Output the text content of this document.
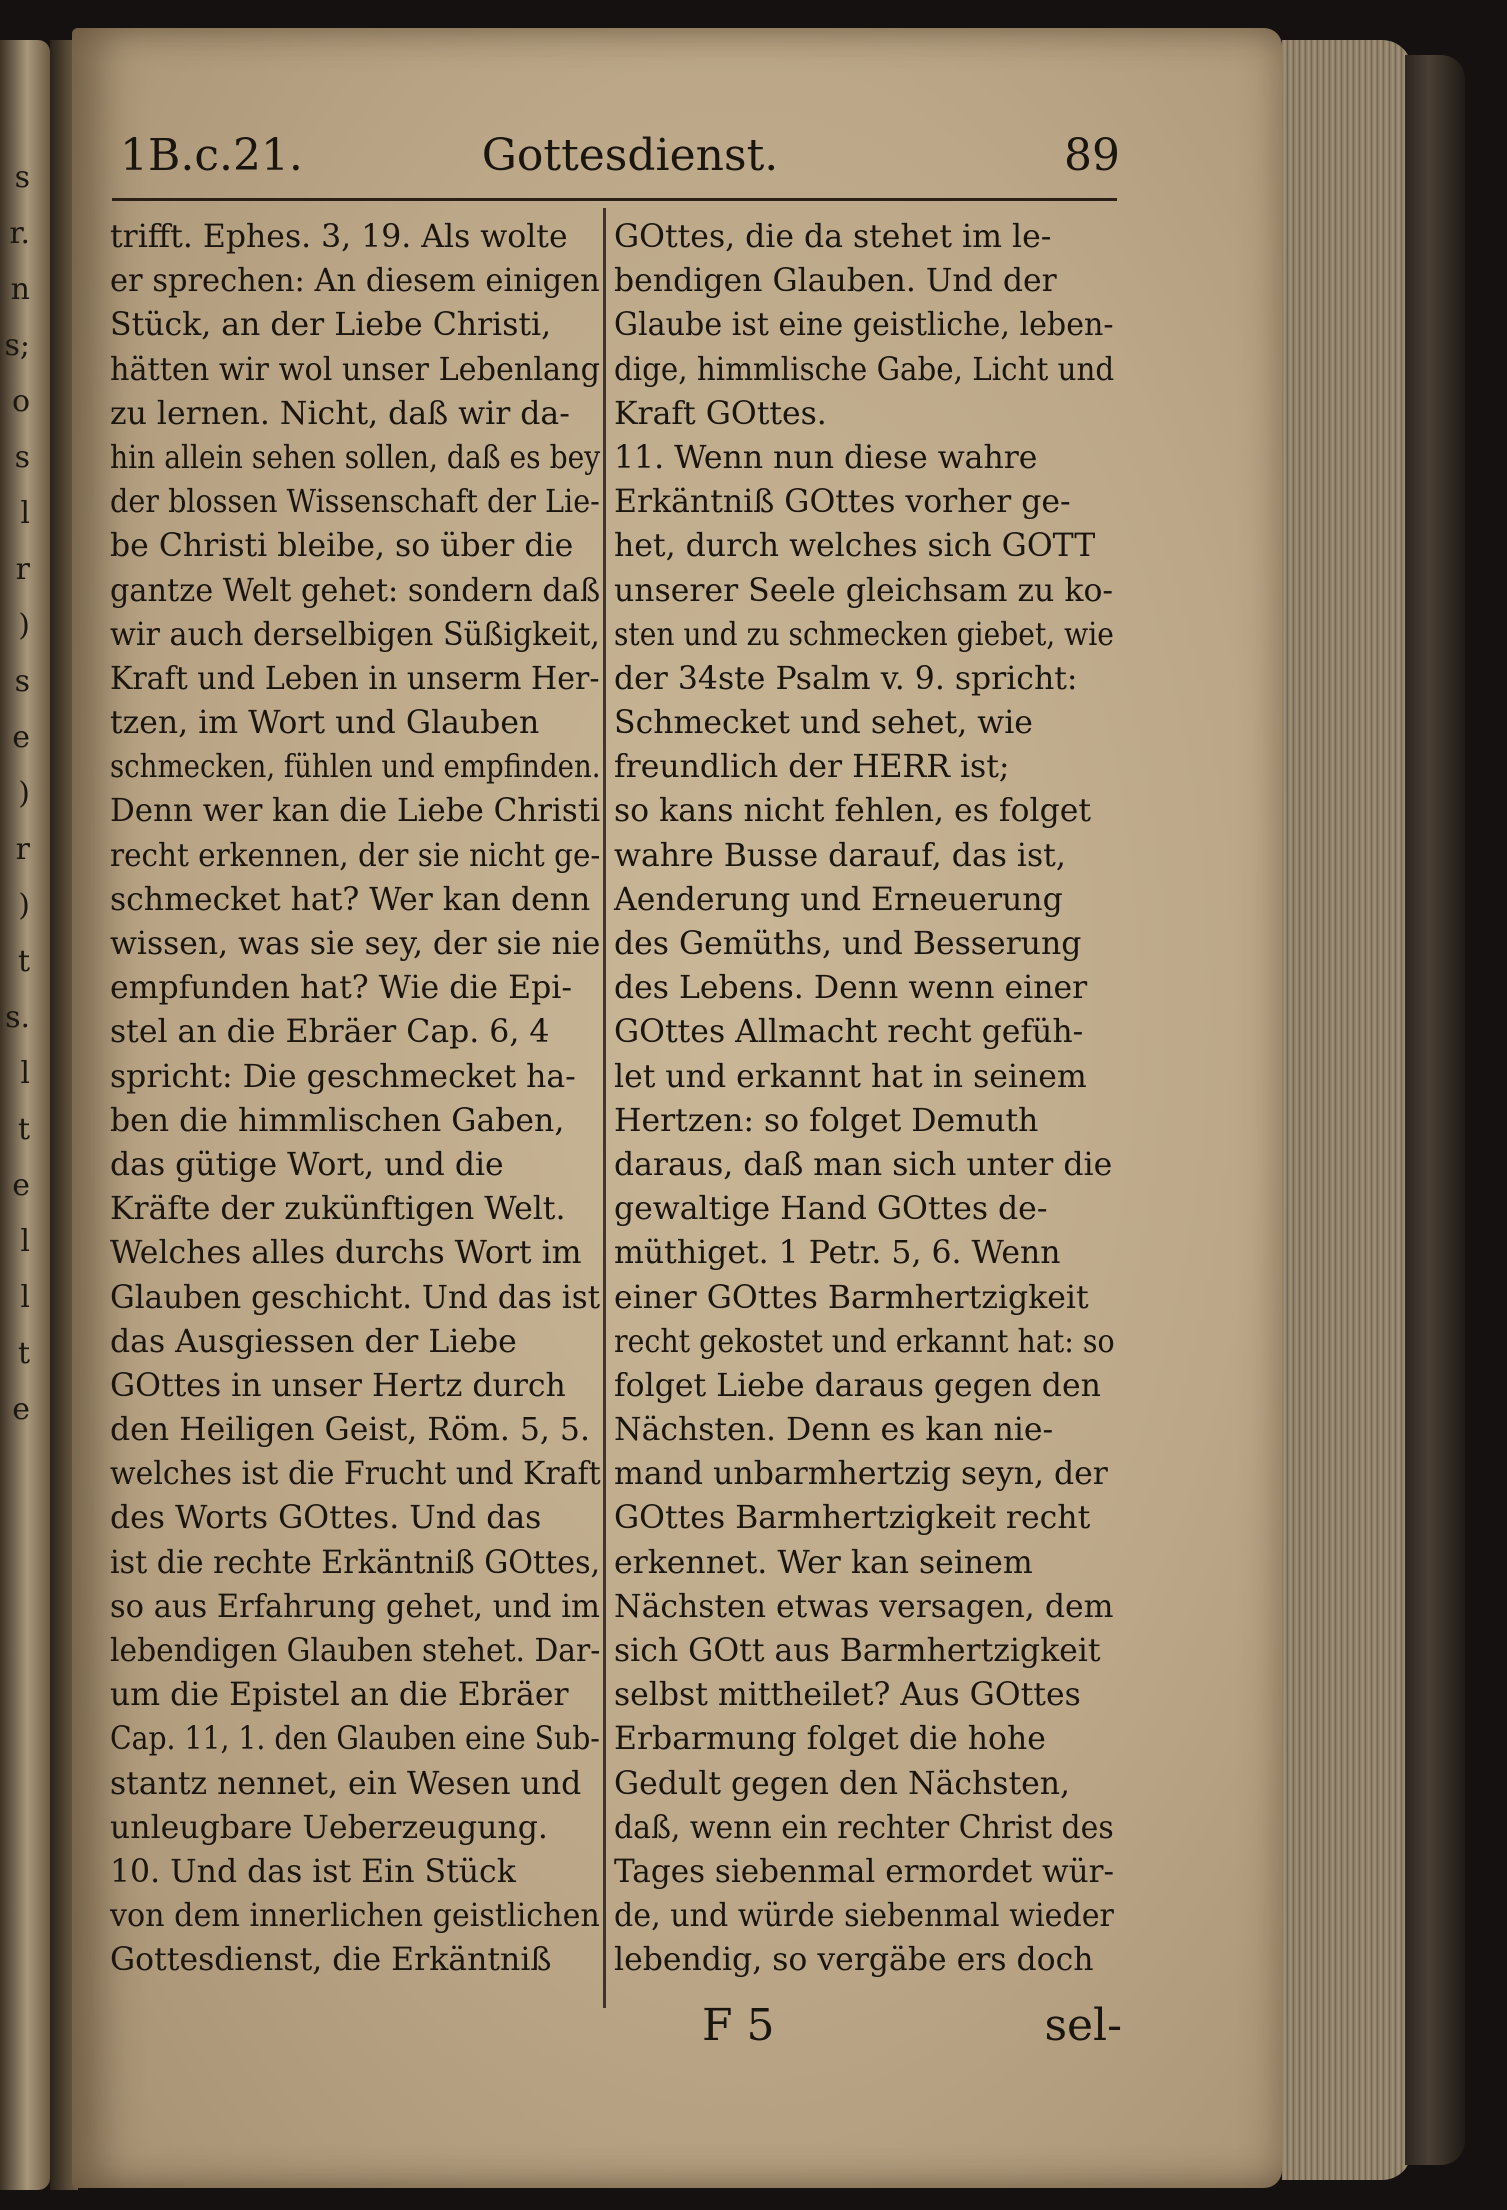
s
r.
n
s;
o
s
l
r
)
s
e
)
r
)
t
s.
l
t
e
l
l
t
e
1B.c.21.	Gottesdienst.	89
trifft. Ephes. 3, 19. Als wolte
er sprechen: An diesem einigen
Stück, an der Liebe Christi,
hätten wir wol unser Lebenlang
zu lernen. Nicht, daß wir da-
hin allein sehen sollen, daß es bey
der blossen Wissenschaft der Lie-
be Christi bleibe, so über die
gantze Welt gehet: sondern daß
wir auch derselbigen Süßigkeit,
Kraft und Leben in unserm Her-
tzen, im Wort und Glauben
schmecken, fühlen und empfinden.
Denn wer kan die Liebe Christi
recht erkennen, der sie nicht ge-
schmecket hat? Wer kan denn
wissen, was sie sey, der sie nie
empfunden hat? Wie die Epi-
stel an die Ebräer Cap. 6, 4
spricht: Die geschmecket ha-
ben die himmlischen Gaben,
das gütige Wort, und die
Kräfte der zukünftigen Welt.
Welches alles durchs Wort im
Glauben geschicht. Und das ist
das Ausgiessen der Liebe
GOttes in unser Hertz durch
den Heiligen Geist, Röm. 5, 5.
welches ist die Frucht und Kraft
des Worts GOttes. Und das
ist die rechte Erkäntniß GOttes,
so aus Erfahrung gehet, und im
lebendigen Glauben stehet. Dar-
um die Epistel an die Ebräer
Cap. 11, 1. den Glauben eine Sub-
stantz nennet, ein Wesen und
unleugbare Ueberzeugung.
10. Und das ist Ein Stück
von dem innerlichen geistlichen
Gottesdienst, die Erkäntniß
GOttes, die da stehet im le-
bendigen Glauben. Und der
Glaube ist eine geistliche, leben-
dige, himmlische Gabe, Licht und
Kraft GOttes.
11. Wenn nun diese wahre
Erkäntniß GOttes vorher ge-
het, durch welches sich GOTT
unserer Seele gleichsam zu ko-
sten und zu schmecken giebet, wie
der 34ste Psalm v. 9. spricht:
Schmecket und sehet, wie
freundlich der HERR ist;
so kans nicht fehlen, es folget
wahre Busse darauf, das ist,
Aenderung und Erneuerung
des Gemüths, und Besserung
des Lebens. Denn wenn einer
GOttes Allmacht recht gefüh-
let und erkannt hat in seinem
Hertzen: so folget Demuth
daraus, daß man sich unter die
gewaltige Hand GOttes de-
müthiget. 1 Petr. 5, 6. Wenn
einer GOttes Barmhertzigkeit
recht gekostet und erkannt hat: so
folget Liebe daraus gegen den
Nächsten. Denn es kan nie-
mand unbarmhertzig seyn, der
GOttes Barmhertzigkeit recht
erkennet. Wer kan seinem
Nächsten etwas versagen, dem
sich GOtt aus Barmhertzigkeit
selbst mittheilet? Aus GOttes
Erbarmung folget die hohe
Gedult gegen den Nächsten,
daß, wenn ein rechter Christ des
Tages siebenmal ermordet wür-
de, und würde siebenmal wieder
lebendig, so vergäbe ers doch
F 5	sel-
